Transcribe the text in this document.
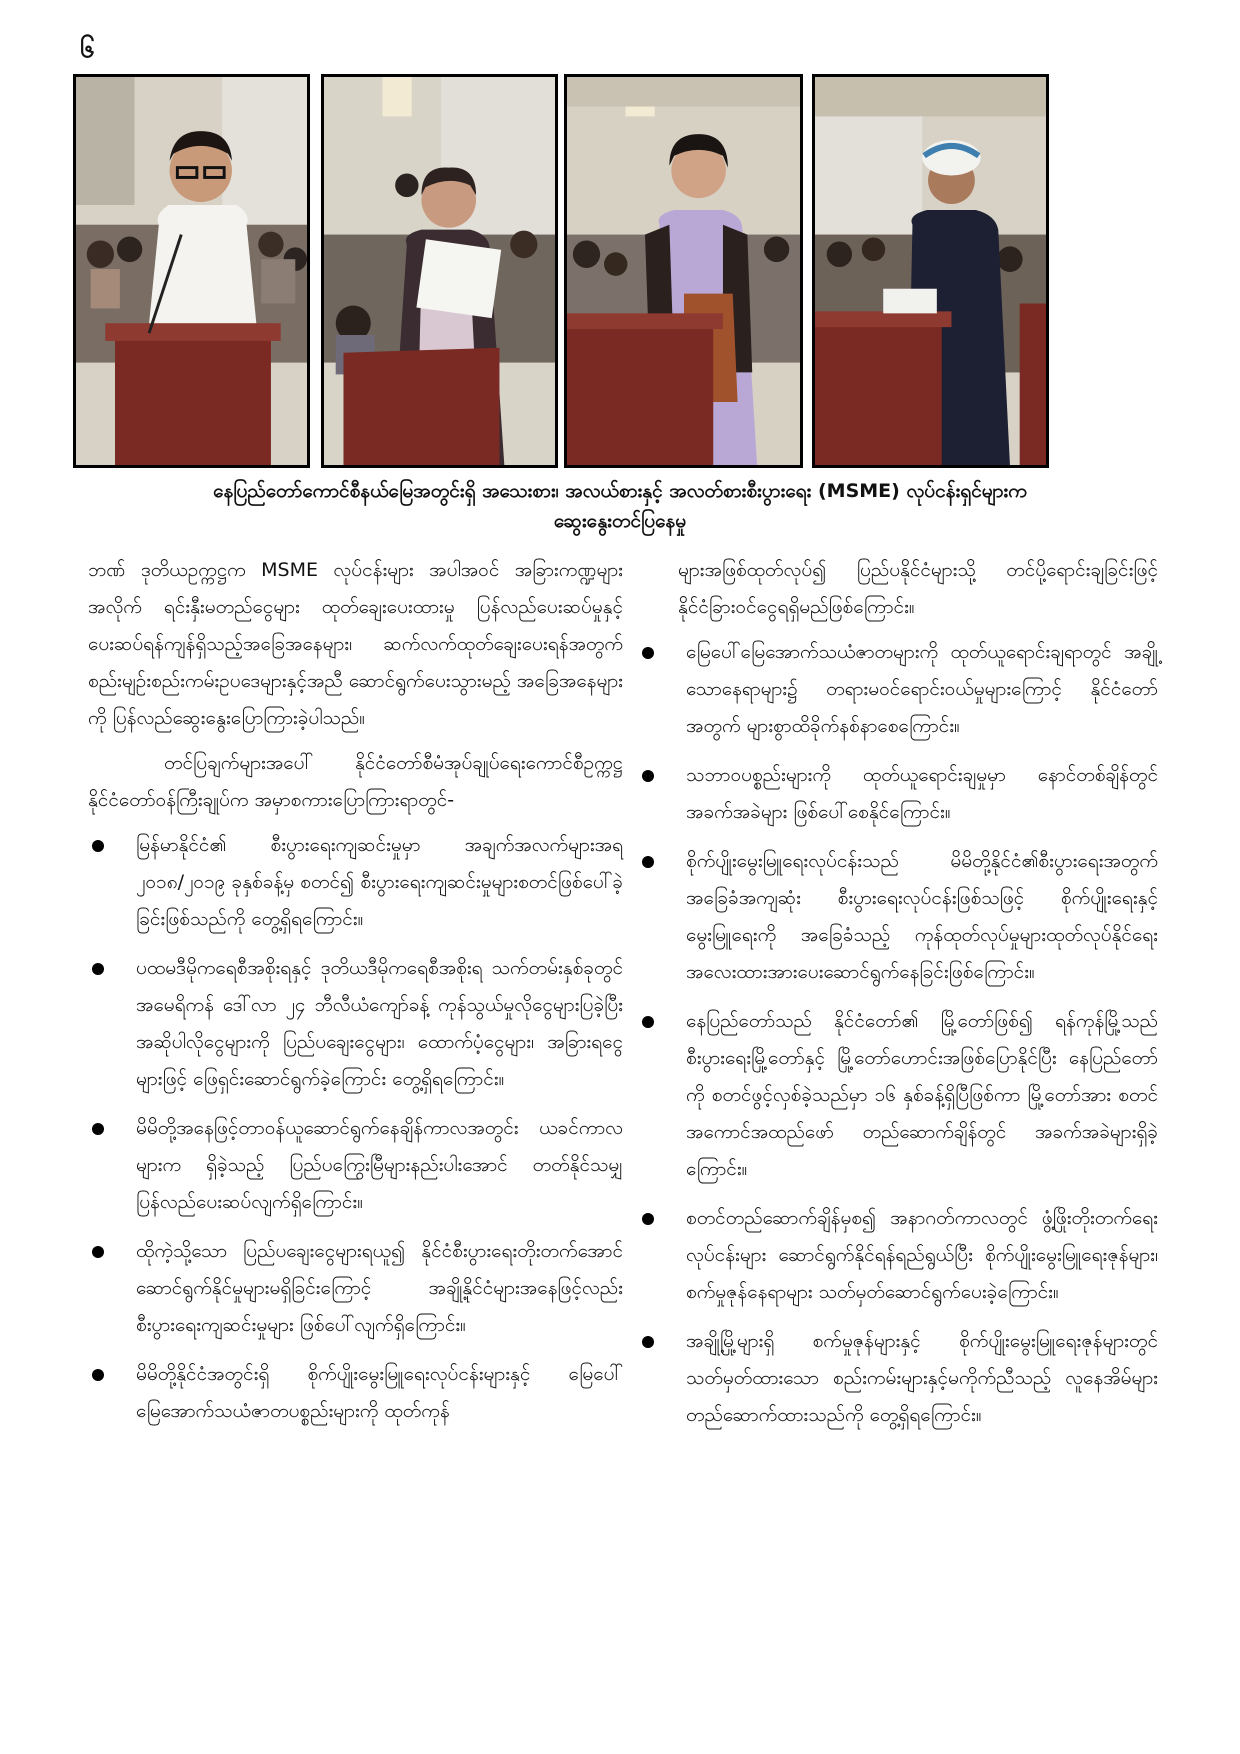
၆
နေပြည်တော်ကောင်စီနယ်မြေအတွင်းရှိ အသေးစား၊ အလယ်စားနှင့် အလတ်စားစီးပွားရေး (MSME) လုပ်ငန်းရှင်များက
ဆွေးနွေးတင်ပြနေမှု

ဘဏ် ဒုတိယဥက္ကဋ္ဌက MSME လုပ်ငန်းများ အပါအဝင် အခြားကဏ္ဍများအလိုက် ရင်းနှီးမတည်ငွေများ ထုတ်ချေးပေးထားမှု ပြန်လည်ပေးဆပ်မှုနှင့် ပေးဆပ်ရန်ကျန်ရှိသည့်အခြေအနေများ၊ ဆက်လက်ထုတ်ချေးပေးရန်အတွက် စည်းမျဉ်းစည်းကမ်းဥပဒေများနှင့်အညီ ဆောင်ရွက်ပေးသွားမည့် အခြေအနေများကို ပြန်လည်ဆွေးနွေးပြောကြားခဲ့ပါသည်။

တင်ပြချက်များအပေါ် နိုင်ငံတော်စီမံအုပ်ချုပ်ရေးကောင်စီဥက္ကဋ္ဌ နိုင်ငံတော်ဝန်ကြီးချုပ်က အမှာစကားပြောကြားရာတွင်-

မြန်မာနိုင်ငံ၏ စီးပွားရေးကျဆင်းမှုမှာ အချက်အလက်များအရ ၂၀၁၈/၂၀၁၉ ခုနှစ်ခန့်မှ စတင်၍ စီးပွားရေးကျဆင်းမှုများစတင်ဖြစ်ပေါ်ခဲ့ခြင်းဖြစ်သည်ကို တွေ့ရှိရကြောင်း။
ပထမဒီမိုကရေစီအစိုးရနှင့် ဒုတိယဒီမိုကရေစီအစိုးရ သက်တမ်းနှစ်ခုတွင် အမေရိကန် ဒေါ်လာ ၂၄ ဘီလီယံကျော်ခန့် ကုန်သွယ်မှုလိုငွေများပြခဲ့ပြီး အဆိုပါလိုငွေများကို ပြည်ပချေးငွေများ၊ ထောက်ပံ့ငွေများ၊ အခြားရငွေများဖြင့် ဖြေရှင်းဆောင်ရွက်ခဲ့ကြောင်း တွေ့ရှိရကြောင်း။
မိမိတို့အနေဖြင့်တာဝန်ယူဆောင်ရွက်နေချိန်ကာလအတွင်း ယခင်ကာလများက ရှိခဲ့သည့် ပြည်ပကြွေးမြီများနည်းပါးအောင် တတ်နိုင်သမျှ ပြန်လည်ပေးဆပ်လျက်ရှိကြောင်း။
ထိုကဲ့သို့သော ပြည်ပချေးငွေများရယူ၍ နိုင်ငံစီးပွားရေးတိုးတက်အောင် ဆောင်ရွက်နိုင်မှုများမရှိခြင်းကြောင့် အချို့နိုင်ငံများအနေဖြင့်လည်း စီးပွားရေးကျဆင်းမှုများ ဖြစ်ပေါ်လျက်ရှိကြောင်း။
မိမိတို့နိုင်ငံအတွင်းရှိ စိုက်ပျိုးမွေးမြူရေးလုပ်ငန်းများနှင့် မြေပေါ်မြေအောက်သယံဇာတပစ္စည်းများကို ထုတ်ကုန်

များအဖြစ်ထုတ်လုပ်၍ ပြည်ပနိုင်ငံများသို့ တင်ပို့ရောင်းချခြင်းဖြင့် နိုင်ငံခြားဝင်ငွေရရှိမည်ဖြစ်ကြောင်း။

မြေပေါ်မြေအောက်သယံဇာတများကို ထုတ်ယူရောင်းချရာတွင် အချို့သောနေရာများ၌ တရားမဝင်ရောင်းဝယ်မှုများကြောင့် နိုင်ငံတော်အတွက် များစွာထိခိုက်နစ်နာစေကြောင်း။
သဘာဝပစ္စည်းများကို ထုတ်ယူရောင်းချမှုမှာ နောင်တစ်ချိန်တွင် အခက်အခဲများ ဖြစ်ပေါ်စေနိုင်ကြောင်း။
စိုက်ပျိုးမွေးမြူရေးလုပ်ငန်းသည် မိမိတို့နိုင်ငံ၏စီးပွားရေးအတွက် အခြေခံအကျဆုံး စီးပွားရေးလုပ်ငန်းဖြစ်သဖြင့် စိုက်ပျိုးရေးနှင့်မွေးမြူရေးကို အခြေခံသည့် ကုန်ထုတ်လုပ်မှုများထုတ်လုပ်နိုင်ရေး အလေးထားအားပေးဆောင်ရွက်နေခြင်းဖြစ်ကြောင်း။
နေပြည်တော်သည် နိုင်ငံတော်၏ မြို့တော်ဖြစ်၍ ရန်ကုန်မြို့သည် စီးပွားရေးမြို့တော်နှင့် မြို့တော်ဟောင်းအဖြစ်ပြောနိုင်ပြီး နေပြည်တော်ကို စတင်ဖွင့်လှစ်ခဲ့သည်မှာ ၁၆ နှစ်ခန့်ရှိပြီဖြစ်ကာ မြို့တော်အား စတင်အကောင်အထည်ဖော် တည်ဆောက်ချိန်တွင် အခက်အခဲများရှိခဲ့ကြောင်း။
စတင်တည်ဆောက်ချိန်မှစ၍ အနာဂတ်ကာလတွင် ဖွံ့ဖြိုးတိုးတက်ရေးလုပ်ငန်းများ ဆောင်ရွက်နိုင်ရန်ရည်ရွယ်ပြီး စိုက်ပျိုးမွေးမြူရေးဇုန်များ၊ စက်မှုဇုန်နေရာများ သတ်မှတ်ဆောင်ရွက်ပေးခဲ့ကြောင်း။
အချို့မြို့များရှိ စက်မှုဇုန်များနှင့် စိုက်ပျိုးမွေးမြူရေးဇုန်များတွင် သတ်မှတ်ထားသော စည်းကမ်းများနှင့်မကိုက်ညီသည့် လူနေအိမ်များ တည်ဆောက်ထားသည်ကို တွေ့ရှိရကြောင်း။
